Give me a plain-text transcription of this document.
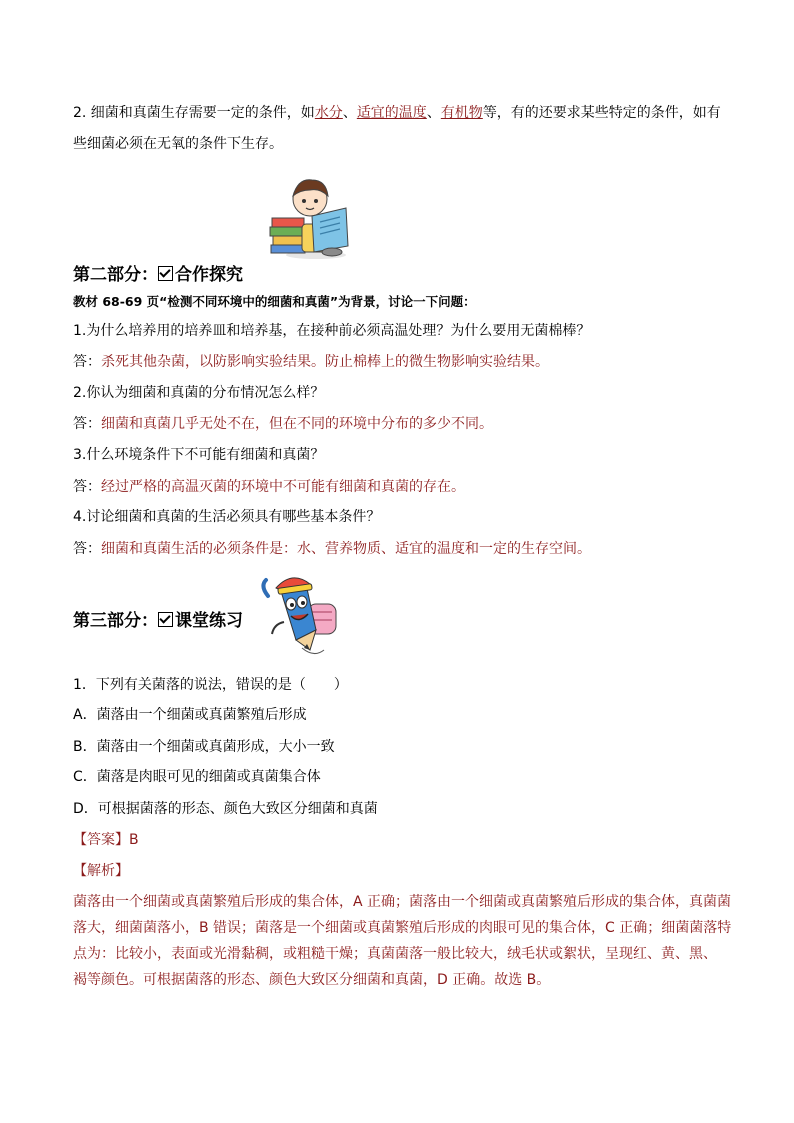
2. 细菌和真菌生存需要一定的条件，如水分、适宜的温度、有机物等，有的还要求某些特定的条件，如有
些细菌必须在无氧的条件下生存。
第二部分： 合作探究
教材 68-69 页“检测不同环境中的细菌和真菌”为背景，讨论一下问题：
1.为什么培养用的培养皿和培养基，在接种前必须高温处理？为什么要用无菌棉棒？
答：杀死其他杂菌，以防影响实验结果。防止棉棒上的微生物影响实验结果。
2.你认为细菌和真菌的分布情况怎么样？
答：细菌和真菌几乎无处不在，但在不同的环境中分布的多少不同。
3.什么环境条件下不可能有细菌和真菌？
答：经过严格的高温灭菌的环境中不可能有细菌和真菌的存在。
4.讨论细菌和真菌的生活必须具有哪些基本条件？
答：细菌和真菌生活的必须条件是：水、营养物质、适宜的温度和一定的生存空间。
第三部分： 课堂练习
1．下列有关菌落的说法，错误的是（　　）
A．菌落由一个细菌或真菌繁殖后形成
B．菌落由一个细菌或真菌形成，大小一致
C．菌落是肉眼可见的细菌或真菌集合体
D．可根据菌落的形态、颜色大致区分细菌和真菌
【答案】B
【解析】
菌落由一个细菌或真菌繁殖后形成的集合体，A 正确；菌落由一个细菌或真菌繁殖后形成的集合体，真菌菌
落大，细菌菌落小，B 错误；菌落是一个细菌或真菌繁殖后形成的肉眼可见的集合体，C 正确；细菌菌落特
点为：比较小，表面或光滑黏稠，或粗糙干燥；真菌菌落一般比较大，绒毛状或絮状，呈现红、黄、黑、
褐等颜色。可根据菌落的形态、颜色大致区分细菌和真菌，D 正确。故选 B。
